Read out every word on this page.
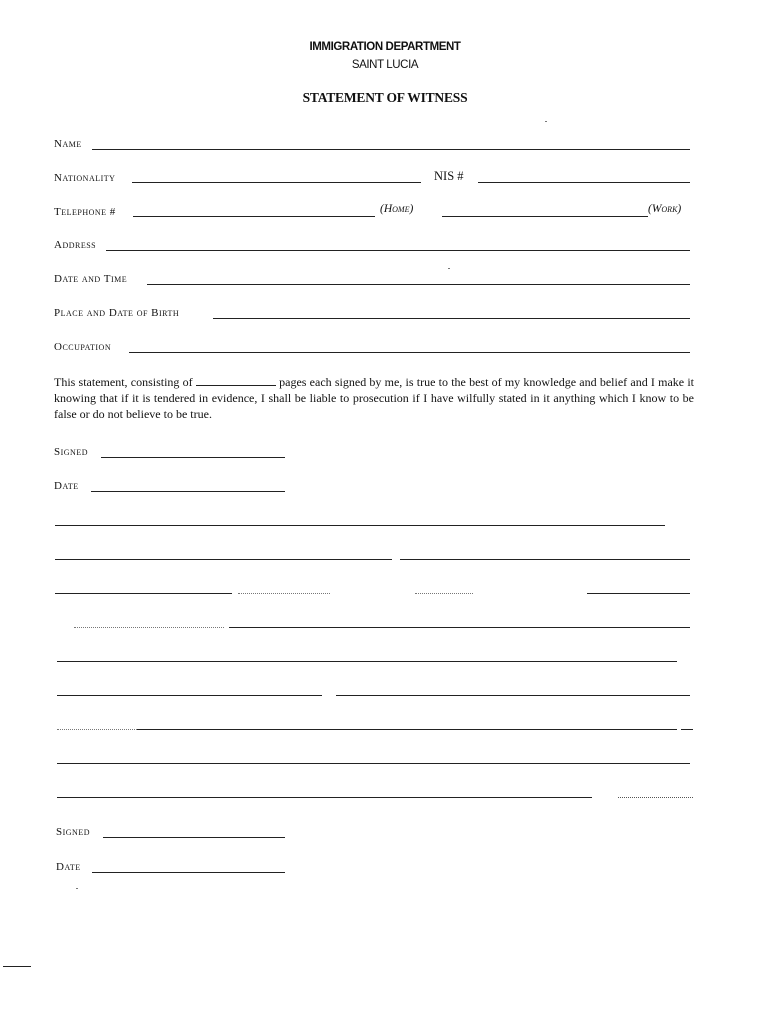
IMMIGRATION DEPARTMENT
SAINT LUCIA
STATEMENT OF WITNESS
Name
Nationality	NIS #
Telephone #	(Home)	(Work)
Address
Date and Time
Place and Date of Birth
Occupation
This statement, consisting of	pages each signed by me, is true to the best of my knowledge and belief and I make it knowing that if it is tendered in evidence, I shall be liable to prosecution if I have wilfully stated in it anything which I know to be false or do not believe to be true.
Signed
Date
Signed
Date
